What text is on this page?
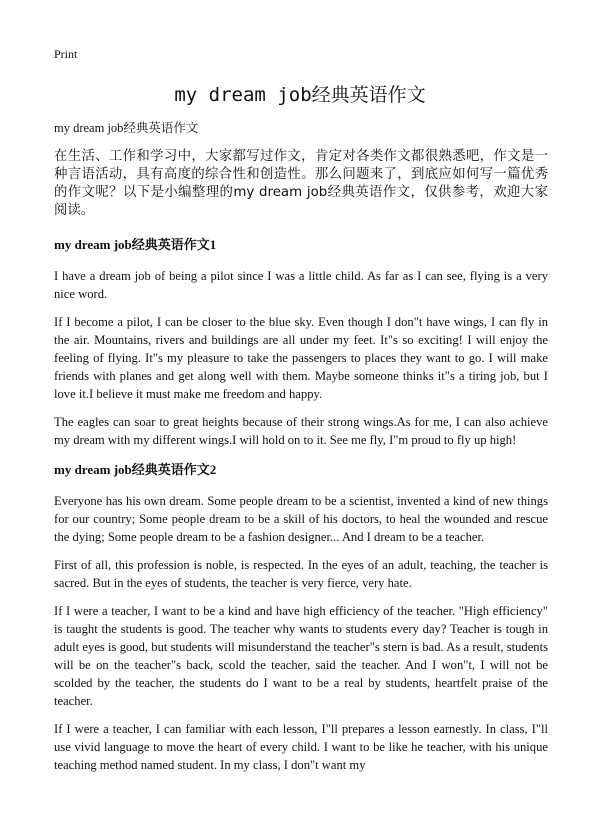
Print
my dream job经典英语作文

my dream job经典英语作文

在生活、工作和学习中，大家都写过作文，肯定对各类作文都很熟悉吧，作文是一种言语活动，具有高度的综合性和创造性。那么问题来了，到底应如何写一篇优秀的作文呢？以下是小编整理的my dream job经典英语作文，仅供参考，欢迎大家阅读。

my dream job经典英语作文1

I have a dream job of being a pilot since I was a little child. As far as I can see, flying is a very nice word.

If I become a pilot, I can be closer to the blue sky. Even though I don"t have wings, I can fly in the air. Mountains, rivers and buildings are all under my feet. It"s so exciting! I will enjoy the feeling of flying. It"s my pleasure to take the passengers to places they want to go. I will make friends with planes and get along well with them. Maybe someone thinks it"s a tiring job, but I love it.I believe it must make me freedom and happy.

The eagles can soar to great heights because of their strong wings.As for me, I can also achieve my dream with my different wings.I will hold on to it. See me fly, I"m proud to fly up high!

my dream job经典英语作文2

Everyone has his own dream. Some people dream to be a scientist, invented a kind of new things for our country; Some people dream to be a skill of his doctors, to heal the wounded and rescue the dying; Some people dream to be a fashion designer... And I dream to be a teacher.

First of all, this profession is noble, is respected. In the eyes of an adult, teaching, the teacher is sacred. But in the eyes of students, the teacher is very fierce, very hate.

If I were a teacher, I want to be a kind and have high efficiency of the teacher. "High efficiency" is taught the students is good. The teacher why wants to students every day? Teacher is tough in adult eyes is good, but students will misunderstand the teacher"s stern is bad. As a result, students will be on the teacher"s back, scold the teacher, said the teacher. And I won"t, I will not be scolded by the teacher, the students do I want to be a real by students, heartfelt praise of the teacher.

If I were a teacher, I can familiar with each lesson, I"ll prepares a lesson earnestly. In class, I"ll use vivid language to move the heart of every child. I want to be like he teacher, with his unique teaching method named student. In my class, I don"t want my
